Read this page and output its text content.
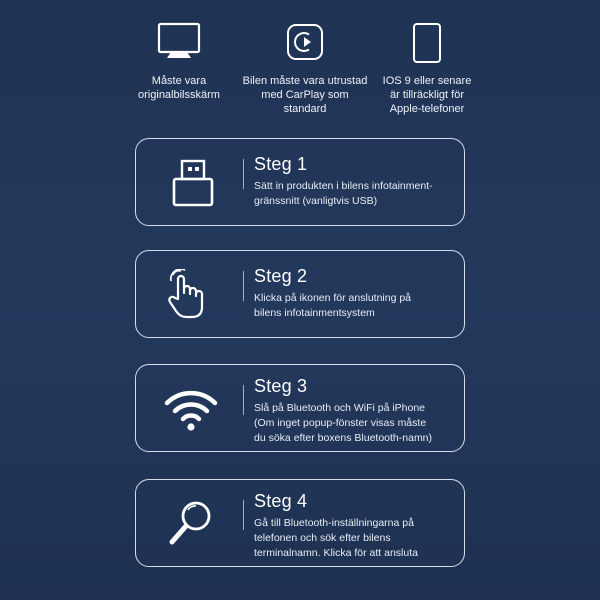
Måste vara
originalbilsskärm
Bilen måste vara utrustad
med CarPlay som standard
IOS 9 eller senare
är tillräckligt för
Apple-telefoner
Steg 1
Sätt in produkten i bilens infotainment-
gränssnitt (vanligtvis USB)
Steg 2
Klicka på ikonen för anslutning på
bilens infotainmentsystem
Steg 3
Slå på Bluetooth och WiFi på iPhone
(Om inget popup-fönster visas måste
du söka efter boxens Bluetooth-namn)
Steg 4
Gå till Bluetooth-inställningarna på
telefonen och sök efter bilens
terminalnamn. Klicka för att ansluta
